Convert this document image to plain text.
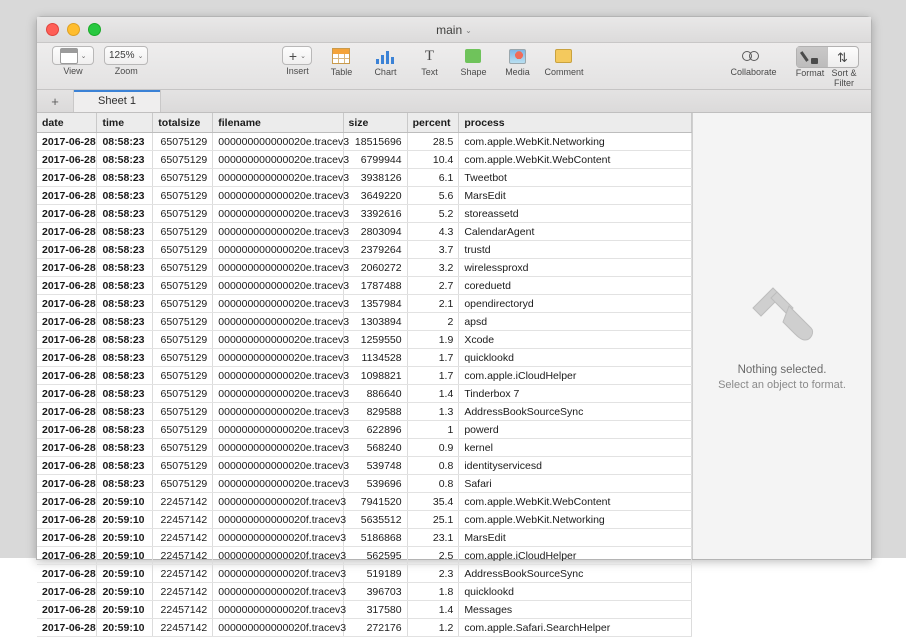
main ⌄
⌄
View
125% ⌄
Zoom
+ ⌄
Insert Table Chart
T
Text	Shape Media Comment	Collaborate
⇅
Format Sort & Filter
+	Sheet 1
date	time	totalsize	filename	size	percent	process
2017-06-28	08:58:23	65075129	000000000000020e.tracev3	18515696	28.5	com.apple.WebKit.Networking
2017-06-28	08:58:23	65075129	000000000000020e.tracev3	6799944	10.4	com.apple.WebKit.WebContent
2017-06-28	08:58:23	65075129	000000000000020e.tracev3	3938126	6.1	Tweetbot
2017-06-28	08:58:23	65075129	000000000000020e.tracev3	3649220	5.6	MarsEdit
2017-06-28	08:58:23	65075129	000000000000020e.tracev3	3392616	5.2	storeassetd
2017-06-28	08:58:23	65075129	000000000000020e.tracev3	2803094	4.3	CalendarAgent
2017-06-28	08:58:23	65075129	000000000000020e.tracev3	2379264	3.7	trustd
2017-06-28	08:58:23	65075129	000000000000020e.tracev3	2060272	3.2	wirelessproxd
2017-06-28	08:58:23	65075129	000000000000020e.tracev3	1787488	2.7	coreduetd
2017-06-28	08:58:23	65075129	000000000000020e.tracev3	1357984	2.1	opendirectoryd
2017-06-28	08:58:23	65075129	000000000000020e.tracev3	1303894	2	apsd
2017-06-28	08:58:23	65075129	000000000000020e.tracev3	1259550	1.9	Xcode
2017-06-28	08:58:23	65075129	000000000000020e.tracev3	1134528	1.7	quicklookd
2017-06-28	08:58:23	65075129	000000000000020e.tracev3	1098821	1.7	com.apple.iCloudHelper
2017-06-28	08:58:23	65075129	000000000000020e.tracev3	886640	1.4	Tinderbox 7
2017-06-28	08:58:23	65075129	000000000000020e.tracev3	829588	1.3	AddressBookSourceSync
2017-06-28	08:58:23	65075129	000000000000020e.tracev3	622896	1	powerd
2017-06-28	08:58:23	65075129	000000000000020e.tracev3	568240	0.9	kernel
2017-06-28	08:58:23	65075129	000000000000020e.tracev3	539748	0.8	identityservicesd
2017-06-28	08:58:23	65075129	000000000000020e.tracev3	539696	0.8	Safari
2017-06-28	20:59:10	22457142	000000000000020f.tracev3	7941520	35.4	com.apple.WebKit.WebContent
2017-06-28	20:59:10	22457142	000000000000020f.tracev3	5635512	25.1	com.apple.WebKit.Networking
2017-06-28	20:59:10	22457142	000000000000020f.tracev3	5186868	23.1	MarsEdit
2017-06-28	20:59:10	22457142	000000000000020f.tracev3	562595	2.5	com.apple.iCloudHelper
2017-06-28	20:59:10	22457142	000000000000020f.tracev3	519189	2.3	AddressBookSourceSync
2017-06-28	20:59:10	22457142	000000000000020f.tracev3	396703	1.8	quicklookd
2017-06-28	20:59:10	22457142	000000000000020f.tracev3	317580	1.4	Messages
2017-06-28	20:59:10	22457142	000000000000020f.tracev3	272176	1.2	com.apple.Safari.SearchHelper
Nothing selected.
Select an object to format.
